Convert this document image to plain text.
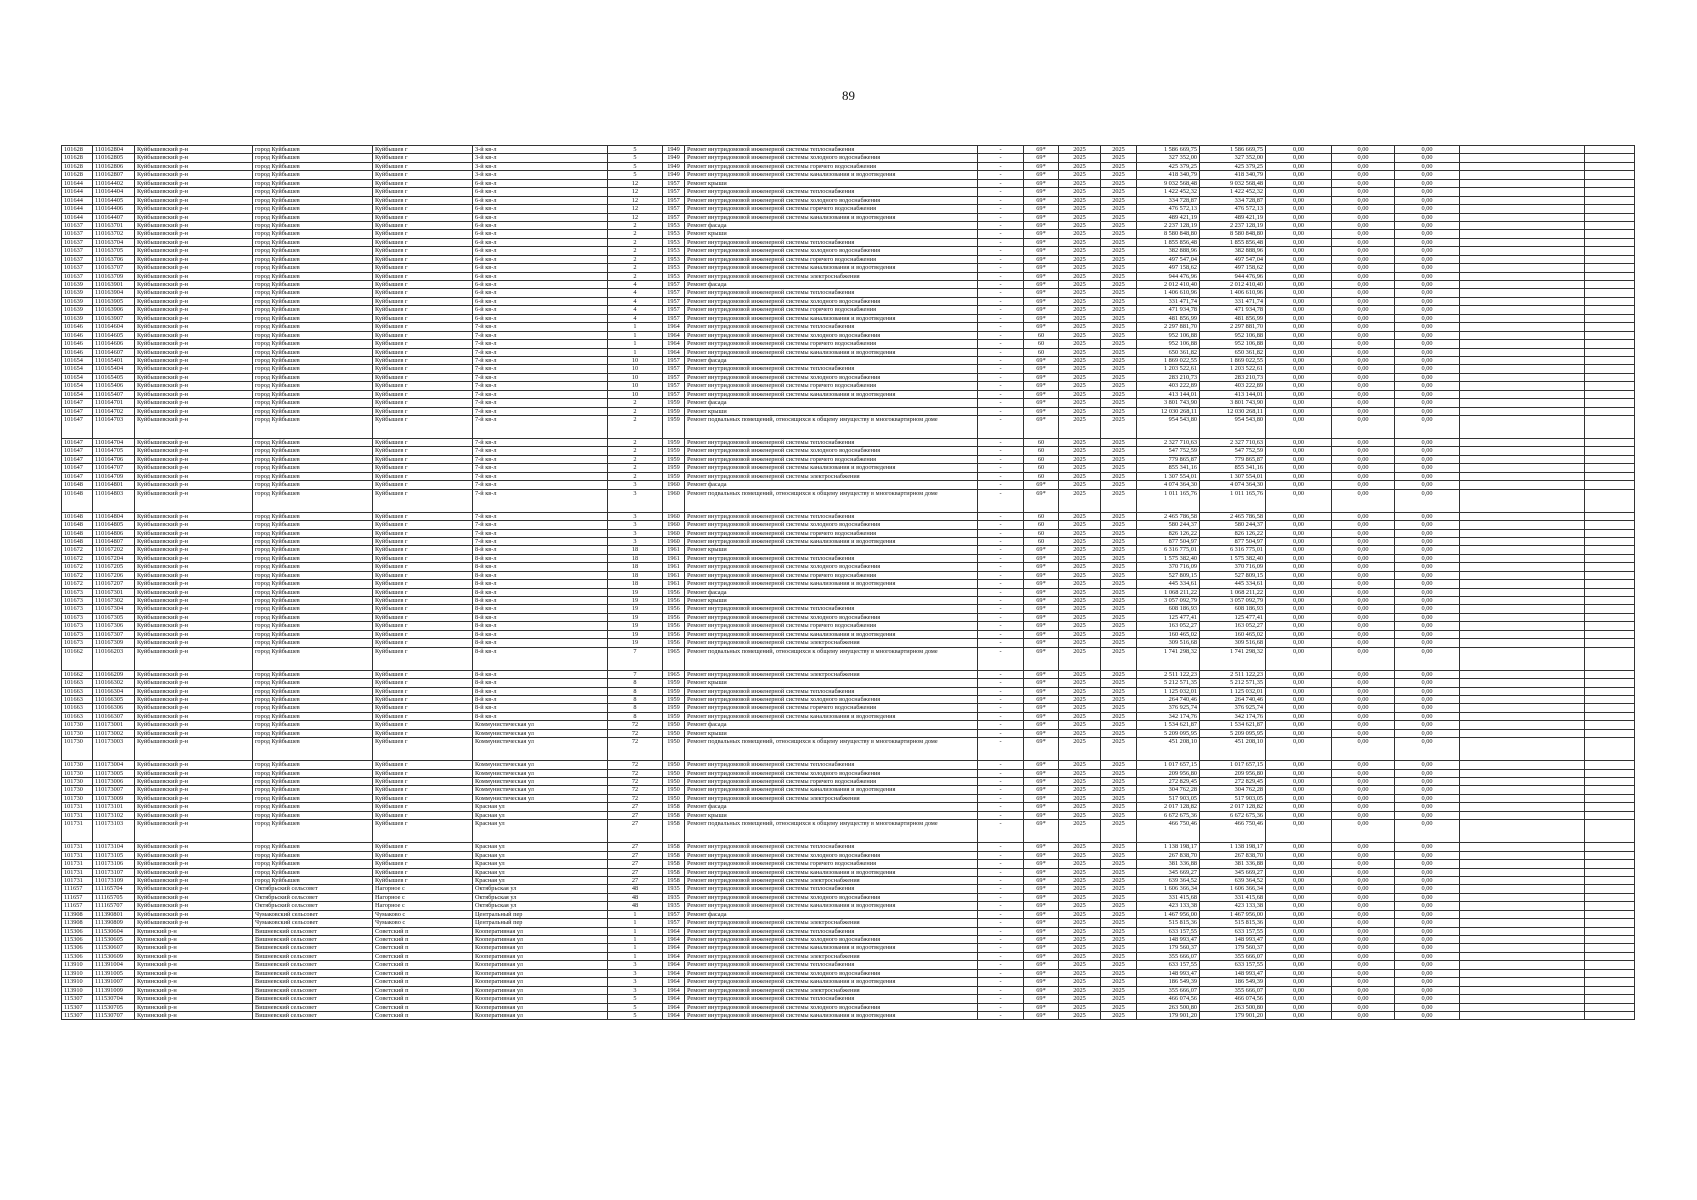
89
101628	110162804	Куйбышевский р-н	город Куйбышев	Куйбышев г	3-й кв-л	5	1949	Ремонт внутридомовой инженерной системы теплоснабжения	-	69*	2025	2025	1 586 669,75	1 586 669,75	0,00	0,00	0,00		
101628	110162805	Куйбышевский р-н	город Куйбышев	Куйбышев г	3-й кв-л	5	1949	Ремонт внутридомовой инженерной системы холодного водоснабжения	-	69*	2025	2025	327 352,00	327 352,00	0,00	0,00	0,00		
101628	110162806	Куйбышевский р-н	город Куйбышев	Куйбышев г	3-й кв-л	5	1949	Ремонт внутридомовой инженерной системы горячего водоснабжения	-	69*	2025	2025	425 379,25	425 379,25	0,00	0,00	0,00		
101628	110162807	Куйбышевский р-н	город Куйбышев	Куйбышев г	3-й кв-л	5	1949	Ремонт внутридомовой инженерной системы канализования и водоотведения	-	69*	2025	2025	418 340,79	418 340,79	0,00	0,00	0,00		
101644	110164402	Куйбышевский р-н	город Куйбышев	Куйбышев г	6-й кв-л	12	1957	Ремонт крыши	-	69*	2025	2025	9 032 568,48	9 032 568,48	0,00	0,00	0,00		
101644	110164404	Куйбышевский р-н	город Куйбышев	Куйбышев г	6-й кв-л	12	1957	Ремонт внутридомовой инженерной системы теплоснабжения	-	69*	2025	2025	1 422 452,32	1 422 452,32	0,00	0,00	0,00		
101644	110164405	Куйбышевский р-н	город Куйбышев	Куйбышев г	6-й кв-л	12	1957	Ремонт внутридомовой инженерной системы холодного водоснабжения	-	69*	2025	2025	334 728,87	334 728,87	0,00	0,00	0,00		
101644	110164406	Куйбышевский р-н	город Куйбышев	Куйбышев г	6-й кв-л	12	1957	Ремонт внутридомовой инженерной системы горячего водоснабжения	-	69*	2025	2025	476 572,13	476 572,13	0,00	0,00	0,00		
101644	110164407	Куйбышевский р-н	город Куйбышев	Куйбышев г	6-й кв-л	12	1957	Ремонт внутридомовой инженерной системы канализования и водоотведения	-	69*	2025	2025	489 421,19	489 421,19	0,00	0,00	0,00		
101637	110163701	Куйбышевский р-н	город Куйбышев	Куйбышев г	6-й кв-л	2	1953	Ремонт фасада	-	69*	2025	2025	2 237 128,19	2 237 128,19	0,00	0,00	0,00		
101637	110163702	Куйбышевский р-н	город Куйбышев	Куйбышев г	6-й кв-л	2	1953	Ремонт крыши	-	69*	2025	2025	8 580 848,80	8 580 848,80	0,00	0,00	0,00		
101637	110163704	Куйбышевский р-н	город Куйбышев	Куйбышев г	6-й кв-л	2	1953	Ремонт внутридомовой инженерной системы теплоснабжения	-	69*	2025	2025	1 855 856,48	1 855 856,48	0,00	0,00	0,00		
101637	110163705	Куйбышевский р-н	город Куйбышев	Куйбышев г	6-й кв-л	2	1953	Ремонт внутридомовой инженерной системы холодного водоснабжения	-	69*	2025	2025	382 888,96	382 888,96	0,00	0,00	0,00		
101637	110163706	Куйбышевский р-н	город Куйбышев	Куйбышев г	6-й кв-л	2	1953	Ремонт внутридомовой инженерной системы горячего водоснабжения	-	69*	2025	2025	497 547,04	497 547,04	0,00	0,00	0,00		
101637	110163707	Куйбышевский р-н	город Куйбышев	Куйбышев г	6-й кв-л	2	1953	Ремонт внутридомовой инженерной системы канализования и водоотведения	-	69*	2025	2025	497 158,62	497 158,62	0,00	0,00	0,00		
101637	110163709	Куйбышевский р-н	город Куйбышев	Куйбышев г	6-й кв-л	2	1953	Ремонт внутридомовой инженерной системы электроснабжения	-	69*	2025	2025	944 476,96	944 476,96	0,00	0,00	0,00		
101639	110163901	Куйбышевский р-н	город Куйбышев	Куйбышев г	6-й кв-л	4	1957	Ремонт фасада	-	69*	2025	2025	2 012 410,40	2 012 410,40	0,00	0,00	0,00		
101639	110163904	Куйбышевский р-н	город Куйбышев	Куйбышев г	6-й кв-л	4	1957	Ремонт внутридомовой инженерной системы теплоснабжения	-	69*	2025	2025	1 406 610,96	1 406 610,96	0,00	0,00	0,00		
101639	110163905	Куйбышевский р-н	город Куйбышев	Куйбышев г	6-й кв-л	4	1957	Ремонт внутридомовой инженерной системы холодного водоснабжения	-	69*	2025	2025	331 471,74	331 471,74	0,00	0,00	0,00		
101639	110163906	Куйбышевский р-н	город Куйбышев	Куйбышев г	6-й кв-л	4	1957	Ремонт внутридомовой инженерной системы горячего водоснабжения	-	69*	2025	2025	471 934,78	471 934,78	0,00	0,00	0,00		
101639	110163907	Куйбышевский р-н	город Куйбышев	Куйбышев г	6-й кв-л	4	1957	Ремонт внутридомовой инженерной системы канализования и водоотведения	-	69*	2025	2025	481 856,99	481 856,99	0,00	0,00	0,00		
101646	110164604	Куйбышевский р-н	город Куйбышев	Куйбышев г	7-й кв-л	1	1964	Ремонт внутридомовой инженерной системы теплоснабжения	-	69*	2025	2025	2 297 881,70	2 297 881,70	0,00	0,00	0,00		
101646	110164605	Куйбышевский р-н	город Куйбышев	Куйбышев г	7-й кв-л	1	1964	Ремонт внутридомовой инженерной системы холодного водоснабжения	-	60	2025	2025	952 106,88	952 106,88	0,00	0,00	0,00		
101646	110164606	Куйбышевский р-н	город Куйбышев	Куйбышев г	7-й кв-л	1	1964	Ремонт внутридомовой инженерной системы горячего водоснабжения	-	60	2025	2025	952 106,88	952 106,88	0,00	0,00	0,00		
101646	110164607	Куйбышевский р-н	город Куйбышев	Куйбышев г	7-й кв-л	1	1964	Ремонт внутридомовой инженерной системы канализования и водоотведения	-	60	2025	2025	650 361,82	650 361,82	0,00	0,00	0,00		
101654	110165401	Куйбышевский р-н	город Куйбышев	Куйбышев г	7-й кв-л	10	1957	Ремонт фасада	-	69*	2025	2025	1 869 022,55	1 869 022,55	0,00	0,00	0,00		
101654	110165404	Куйбышевский р-н	город Куйбышев	Куйбышев г	7-й кв-л	10	1957	Ремонт внутридомовой инженерной системы теплоснабжения	-	69*	2025	2025	1 203 522,61	1 203 522,61	0,00	0,00	0,00		
101654	110165405	Куйбышевский р-н	город Куйбышев	Куйбышев г	7-й кв-л	10	1957	Ремонт внутридомовой инженерной системы холодного водоснабжения	-	69*	2025	2025	283 210,73	283 210,73	0,00	0,00	0,00		
101654	110165406	Куйбышевский р-н	город Куйбышев	Куйбышев г	7-й кв-л	10	1957	Ремонт внутридомовой инженерной системы горячего водоснабжения	-	69*	2025	2025	403 222,89	403 222,89	0,00	0,00	0,00		
101654	110165407	Куйбышевский р-н	город Куйбышев	Куйбышев г	7-й кв-л	10	1957	Ремонт внутридомовой инженерной системы канализования и водоотведения	-	69*	2025	2025	413 144,01	413 144,01	0,00	0,00	0,00		
101647	110164701	Куйбышевский р-н	город Куйбышев	Куйбышев г	7-й кв-л	2	1959	Ремонт фасада	-	69*	2025	2025	3 801 743,90	3 801 743,90	0,00	0,00	0,00		
101647	110164702	Куйбышевский р-н	город Куйбышев	Куйбышев г	7-й кв-л	2	1959	Ремонт крыши	-	69*	2025	2025	12 030 268,11	12 030 268,11	0,00	0,00	0,00		
101647	110164703	Куйбышевский р-н	город Куйбышев	Куйбышев г	7-й кв-л	2	1959	Ремонт подвальных помещений, относящихся к общему имуществу в многоквартирном доме	-	69*	2025	2025	954 543,80	954 543,80	0,00	0,00	0,00		
101647	110164704	Куйбышевский р-н	город Куйбышев	Куйбышев г	7-й кв-л	2	1959	Ремонт внутридомовой инженерной системы теплоснабжения	-	60	2025	2025	2 327 710,63	2 327 710,63	0,00	0,00	0,00		
101647	110164705	Куйбышевский р-н	город Куйбышев	Куйбышев г	7-й кв-л	2	1959	Ремонт внутридомовой инженерной системы холодного водоснабжения	-	60	2025	2025	547 752,59	547 752,59	0,00	0,00	0,00		
101647	110164706	Куйбышевский р-н	город Куйбышев	Куйбышев г	7-й кв-л	2	1959	Ремонт внутридомовой инженерной системы горячего водоснабжения	-	60	2025	2025	779 865,87	779 865,87	0,00	0,00	0,00		
101647	110164707	Куйбышевский р-н	город Куйбышев	Куйбышев г	7-й кв-л	2	1959	Ремонт внутридомовой инженерной системы канализования и водоотведения	-	60	2025	2025	855 341,16	855 341,16	0,00	0,00	0,00		
101647	110164709	Куйбышевский р-н	город Куйбышев	Куйбышев г	7-й кв-л	2	1959	Ремонт внутридомовой инженерной системы электроснабжения	-	60	2025	2025	1 307 554,01	1 307 554,01	0,00	0,00	0,00		
101648	110164801	Куйбышевский р-н	город Куйбышев	Куйбышев г	7-й кв-л	3	1960	Ремонт фасада	-	69*	2025	2025	4 074 364,30	4 074 364,30	0,00	0,00	0,00		
101648	110164803	Куйбышевский р-н	город Куйбышев	Куйбышев г	7-й кв-л	3	1960	Ремонт подвальных помещений, относящихся к общему имуществу в многоквартирном доме	-	69*	2025	2025	1 011 165,76	1 011 165,76	0,00	0,00	0,00		
101648	110164804	Куйбышевский р-н	город Куйбышев	Куйбышев г	7-й кв-л	3	1960	Ремонт внутридомовой инженерной системы теплоснабжения	-	60	2025	2025	2 465 786,58	2 465 786,58	0,00	0,00	0,00		
101648	110164805	Куйбышевский р-н	город Куйбышев	Куйбышев г	7-й кв-л	3	1960	Ремонт внутридомовой инженерной системы холодного водоснабжения	-	60	2025	2025	580 244,37	580 244,37	0,00	0,00	0,00		
101648	110164806	Куйбышевский р-н	город Куйбышев	Куйбышев г	7-й кв-л	3	1960	Ремонт внутридомовой инженерной системы горячего водоснабжения	-	60	2025	2025	826 126,22	826 126,22	0,00	0,00	0,00		
101648	110164807	Куйбышевский р-н	город Куйбышев	Куйбышев г	7-й кв-л	3	1960	Ремонт внутридомовой инженерной системы канализования и водоотведения	-	60	2025	2025	877 504,97	877 504,97	0,00	0,00	0,00		
101672	110167202	Куйбышевский р-н	город Куйбышев	Куйбышев г	8-й кв-л	18	1961	Ремонт крыши	-	69*	2025	2025	6 316 775,01	6 316 775,01	0,00	0,00	0,00		
101672	110167204	Куйбышевский р-н	город Куйбышев	Куйбышев г	8-й кв-л	18	1961	Ремонт внутридомовой инженерной системы теплоснабжения	-	69*	2025	2025	1 575 382,40	1 575 382,40	0,00	0,00	0,00		
101672	110167205	Куйбышевский р-н	город Куйбышев	Куйбышев г	8-й кв-л	18	1961	Ремонт внутридомовой инженерной системы холодного водоснабжения	-	69*	2025	2025	370 716,09	370 716,09	0,00	0,00	0,00		
101672	110167206	Куйбышевский р-н	город Куйбышев	Куйбышев г	8-й кв-л	18	1961	Ремонт внутридомовой инженерной системы горячего водоснабжения	-	69*	2025	2025	527 809,15	527 809,15	0,00	0,00	0,00		
101672	110167207	Куйбышевский р-н	город Куйбышев	Куйбышев г	8-й кв-л	18	1961	Ремонт внутридомовой инженерной системы канализования и водоотведения	-	69*	2025	2025	445 334,61	445 334,61	0,00	0,00	0,00		
101673	110167301	Куйбышевский р-н	город Куйбышев	Куйбышев г	8-й кв-л	19	1956	Ремонт фасада	-	69*	2025	2025	1 068 211,22	1 068 211,22	0,00	0,00	0,00		
101673	110167302	Куйбышевский р-н	город Куйбышев	Куйбышев г	8-й кв-л	19	1956	Ремонт крыши	-	69*	2025	2025	3 057 092,79	3 057 092,79	0,00	0,00	0,00		
101673	110167304	Куйбышевский р-н	город Куйбышев	Куйбышев г	8-й кв-л	19	1956	Ремонт внутридомовой инженерной системы теплоснабжения	-	69*	2025	2025	608 186,93	608 186,93	0,00	0,00	0,00		
101673	110167305	Куйбышевский р-н	город Куйбышев	Куйбышев г	8-й кв-л	19	1956	Ремонт внутридомовой инженерной системы холодного водоснабжения	-	69*	2025	2025	125 477,41	125 477,41	0,00	0,00	0,00		
101673	110167306	Куйбышевский р-н	город Куйбышев	Куйбышев г	8-й кв-л	19	1956	Ремонт внутридомовой инженерной системы горячего водоснабжения	-	69*	2025	2025	163 052,27	163 052,27	0,00	0,00	0,00		
101673	110167307	Куйбышевский р-н	город Куйбышев	Куйбышев г	8-й кв-л	19	1956	Ремонт внутридомовой инженерной системы канализования и водоотведения	-	69*	2025	2025	160 465,02	160 465,02	0,00	0,00	0,00		
101673	110167309	Куйбышевский р-н	город Куйбышев	Куйбышев г	8-й кв-л	19	1956	Ремонт внутридомовой инженерной системы электроснабжения	-	69*	2025	2025	309 516,68	309 516,68	0,00	0,00	0,00		
101662	110166203	Куйбышевский р-н	город Куйбышев	Куйбышев г	8-й кв-л	7	1965	Ремонт подвальных помещений, относящихся к общему имуществу в многоквартирном доме	-	69*	2025	2025	1 741 298,32	1 741 298,32	0,00	0,00	0,00		
101662	110166209	Куйбышевский р-н	город Куйбышев	Куйбышев г	8-й кв-л	7	1965	Ремонт внутридомовой инженерной системы электроснабжения	-	69*	2025	2025	2 511 122,23	2 511 122,23	0,00	0,00	0,00		
101663	110166302	Куйбышевский р-н	город Куйбышев	Куйбышев г	8-й кв-л	8	1959	Ремонт крыши	-	69*	2025	2025	5 212 571,35	5 212 571,35	0,00	0,00	0,00		
101663	110166304	Куйбышевский р-н	город Куйбышев	Куйбышев г	8-й кв-л	8	1959	Ремонт внутридомовой инженерной системы теплоснабжения	-	69*	2025	2025	1 125 032,01	1 125 032,01	0,00	0,00	0,00		
101663	110166305	Куйбышевский р-н	город Куйбышев	Куйбышев г	8-й кв-л	8	1959	Ремонт внутридомовой инженерной системы холодного водоснабжения	-	69*	2025	2025	264 740,46	264 740,46	0,00	0,00	0,00		
101663	110166306	Куйбышевский р-н	город Куйбышев	Куйбышев г	8-й кв-л	8	1959	Ремонт внутридомовой инженерной системы горячего водоснабжения	-	69*	2025	2025	376 925,74	376 925,74	0,00	0,00	0,00		
101663	110166307	Куйбышевский р-н	город Куйбышев	Куйбышев г	8-й кв-л	8	1959	Ремонт внутридомовой инженерной системы канализования и водоотведения	-	69*	2025	2025	342 174,76	342 174,76	0,00	0,00	0,00		
101730	110173001	Куйбышевский р-н	город Куйбышев	Куйбышев г	Коммунистическая ул	72	1950	Ремонт фасада	-	69*	2025	2025	1 534 621,87	1 534 621,87	0,00	0,00	0,00		
101730	110173002	Куйбышевский р-н	город Куйбышев	Куйбышев г	Коммунистическая ул	72	1950	Ремонт крыши	-	69*	2025	2025	5 209 095,95	5 209 095,95	0,00	0,00	0,00		
101730	110173003	Куйбышевский р-н	город Куйбышев	Куйбышев г	Коммунистическая ул	72	1950	Ремонт подвальных помещений, относящихся к общему имуществу в многоквартирном доме	-	69*	2025	2025	451 208,10	451 208,10	0,00	0,00	0,00		
101730	110173004	Куйбышевский р-н	город Куйбышев	Куйбышев г	Коммунистическая ул	72	1950	Ремонт внутридомовой инженерной системы теплоснабжения	-	69*	2025	2025	1 017 657,15	1 017 657,15	0,00	0,00	0,00		
101730	110173005	Куйбышевский р-н	город Куйбышев	Куйбышев г	Коммунистическая ул	72	1950	Ремонт внутридомовой инженерной системы холодного водоснабжения	-	69*	2025	2025	209 956,80	209 956,80	0,00	0,00	0,00		
101730	110173006	Куйбышевский р-н	город Куйбышев	Куйбышев г	Коммунистическая ул	72	1950	Ремонт внутридомовой инженерной системы горячего водоснабжения	-	69*	2025	2025	272 829,45	272 829,45	0,00	0,00	0,00		
101730	110173007	Куйбышевский р-н	город Куйбышев	Куйбышев г	Коммунистическая ул	72	1950	Ремонт внутридомовой инженерной системы канализования и водоотведения	-	69*	2025	2025	304 762,28	304 762,28	0,00	0,00	0,00		
101730	110173009	Куйбышевский р-н	город Куйбышев	Куйбышев г	Коммунистическая ул	72	1950	Ремонт внутридомовой инженерной системы электроснабжения	-	69*	2025	2025	517 903,05	517 903,05	0,00	0,00	0,00		
101731	110173101	Куйбышевский р-н	город Куйбышев	Куйбышев г	Красная ул	27	1958	Ремонт фасада	-	69*	2025	2025	2 017 128,82	2 017 128,82	0,00	0,00	0,00		
101731	110173102	Куйбышевский р-н	город Куйбышев	Куйбышев г	Красная ул	27	1958	Ремонт крыши	-	69*	2025	2025	6 672 675,36	6 672 675,36	0,00	0,00	0,00		
101731	110173103	Куйбышевский р-н	город Куйбышев	Куйбышев г	Красная ул	27	1958	Ремонт подвальных помещений, относящихся к общему имуществу в многоквартирном доме	-	69*	2025	2025	466 750,46	466 750,46	0,00	0,00	0,00		
101731	110173104	Куйбышевский р-н	город Куйбышев	Куйбышев г	Красная ул	27	1958	Ремонт внутридомовой инженерной системы теплоснабжения	-	69*	2025	2025	1 138 198,17	1 138 198,17	0,00	0,00	0,00		
101731	110173105	Куйбышевский р-н	город Куйбышев	Куйбышев г	Красная ул	27	1958	Ремонт внутридомовой инженерной системы холодного водоснабжения	-	69*	2025	2025	267 838,70	267 838,70	0,00	0,00	0,00		
101731	110173106	Куйбышевский р-н	город Куйбышев	Куйбышев г	Красная ул	27	1958	Ремонт внутридомовой инженерной системы горячего водоснабжения	-	69*	2025	2025	381 336,88	381 336,88	0,00	0,00	0,00		
101731	110173107	Куйбышевский р-н	город Куйбышев	Куйбышев г	Красная ул	27	1958	Ремонт внутридомовой инженерной системы канализования и водоотведения	-	69*	2025	2025	345 669,27	345 669,27	0,00	0,00	0,00		
101731	110173109	Куйбышевский р-н	город Куйбышев	Куйбышев г	Красная ул	27	1958	Ремонт внутридомовой инженерной системы электроснабжения	-	69*	2025	2025	639 364,52	639 364,52	0,00	0,00	0,00		
111657	111165704	Куйбышевский р-н	Октябрьский сельсовет	Нагорное с	Октябрьская ул	48	1935	Ремонт внутридомовой инженерной системы теплоснабжения	-	69*	2025	2025	1 606 366,34	1 606 366,34	0,00	0,00	0,00		
111657	111165705	Куйбышевский р-н	Октябрьский сельсовет	Нагорное с	Октябрьская ул	48	1935	Ремонт внутридомовой инженерной системы холодного водоснабжения	-	69*	2025	2025	331 415,68	331 415,68	0,00	0,00	0,00		
111657	111165707	Куйбышевский р-н	Октябрьский сельсовет	Нагорное с	Октябрьская ул	48	1935	Ремонт внутридомовой инженерной системы канализования и водоотведения	-	69*	2025	2025	423 133,38	423 133,38	0,00	0,00	0,00		
113908	111390801	Куйбышевский р-н	Чумаковский сельсовет	Чумаково с	Центральный пер	1	1957	Ремонт фасада	-	69*	2025	2025	1 467 956,00	1 467 956,00	0,00	0,00	0,00		
113908	111390809	Куйбышевский р-н	Чумаковский сельсовет	Чумаково с	Центральный пер	1	1957	Ремонт внутридомовой инженерной системы электроснабжения	-	69*	2025	2025	515 815,36	515 815,36	0,00	0,00	0,00		
115306	111530604	Купинский р-н	Вишневский сельсовет	Советский п	Кооперативная ул	1	1964	Ремонт внутридомовой инженерной системы теплоснабжения	-	69*	2025	2025	633 157,55	633 157,55	0,00	0,00	0,00		
115306	111530605	Купинский р-н	Вишневский сельсовет	Советский п	Кооперативная ул	1	1964	Ремонт внутридомовой инженерной системы холодного водоснабжения	-	69*	2025	2025	148 993,47	148 993,47	0,00	0,00	0,00		
115306	111530607	Купинский р-н	Вишневский сельсовет	Советский п	Кооперативная ул	1	1964	Ремонт внутридомовой инженерной системы канализования и водоотведения	-	69*	2025	2025	179 560,37	179 560,37	0,00	0,00	0,00		
115306	111530609	Купинский р-н	Вишневский сельсовет	Советский п	Кооперативная ул	1	1964	Ремонт внутридомовой инженерной системы электроснабжения	-	69*	2025	2025	355 666,07	355 666,07	0,00	0,00	0,00		
113910	111391004	Купинский р-н	Вишневский сельсовет	Советский п	Кооперативная ул	3	1964	Ремонт внутридомовой инженерной системы теплоснабжения	-	69*	2025	2025	633 157,55	633 157,55	0,00	0,00	0,00		
113910	111391005	Купинский р-н	Вишневский сельсовет	Советский п	Кооперативная ул	3	1964	Ремонт внутридомовой инженерной системы холодного водоснабжения	-	69*	2025	2025	148 993,47	148 993,47	0,00	0,00	0,00		
113910	111391007	Купинский р-н	Вишневский сельсовет	Советский п	Кооперативная ул	3	1964	Ремонт внутридомовой инженерной системы канализования и водоотведения	-	69*	2025	2025	186 549,39	186 549,39	0,00	0,00	0,00		
113910	111391009	Купинский р-н	Вишневский сельсовет	Советский п	Кооперативная ул	3	1964	Ремонт внутридомовой инженерной системы электроснабжения	-	69*	2025	2025	355 666,07	355 666,07	0,00	0,00	0,00		
115307	111530704	Купинский р-н	Вишневский сельсовет	Советский п	Кооперативная ул	5	1964	Ремонт внутридомовой инженерной системы теплоснабжения	-	69*	2025	2025	466 074,56	466 074,56	0,00	0,00	0,00		
115307	111530705	Купинский р-н	Вишневский сельсовет	Советский п	Кооперативная ул	5	1964	Ремонт внутридомовой инженерной системы холодного водоснабжения	-	69*	2025	2025	263 500,80	263 500,80	0,00	0,00	0,00		
115307	111530707	Купинский р-н	Вишневский сельсовет	Советский п	Кооперативная ул	5	1964	Ремонт внутридомовой инженерной системы канализования и водоотведения	-	69*	2025	2025	179 901,20	179 901,20	0,00	0,00	0,00		
